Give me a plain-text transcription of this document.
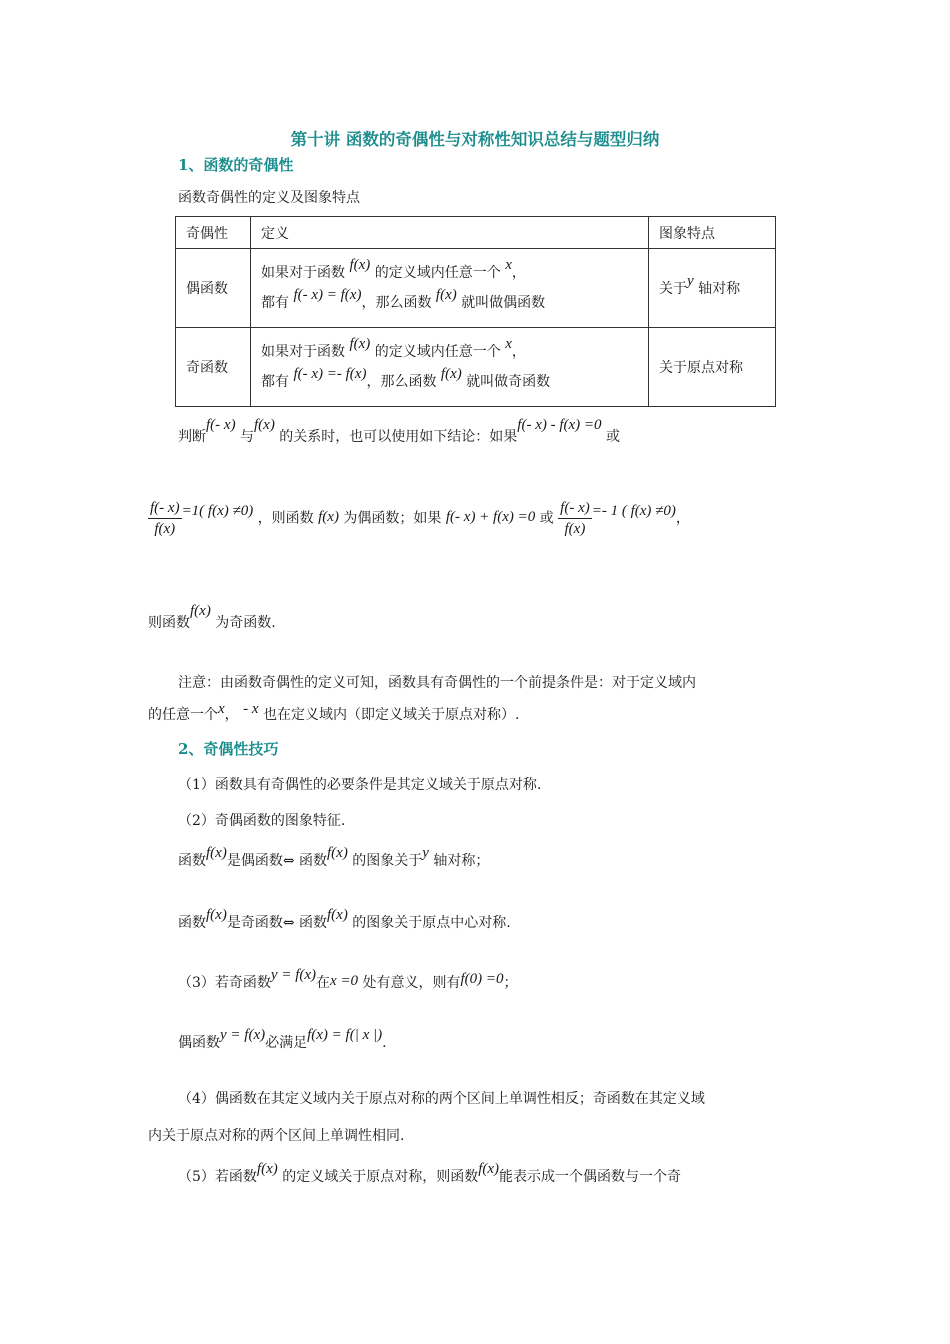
第十讲 函数的奇偶性与对称性知识总结与题型归纳
1、函数的奇偶性
函数奇偶性的定义及图象特点
奇偶性	定义	图象特点
偶函数	如果对于函数 f(x) 的定义域内任意一个 x，
都有 f(- x) = f(x)，那么函数 f(x) 就叫做偶函数	关于y 轴对称
奇函数	如果对于函数 f(x) 的定义域内任意一个 x，
都有 f(- x) =- f(x)，那么函数 f(x) 就叫做奇函数	关于原点对称
判断f(- x) 与f(x) 的关系时，也可以使用如下结论：如果f(- x) - f(x) =0 或
$\frac{f(- x)}{f(x)} =1$( f(x) ≠0) ，则函数 f(x) 为偶函数；如果 f(- x) + f(x) =0 或 $\frac{f(- x)}{f(x)} =- 1$ ( f(x) ≠0)，
则函数f(x) 为奇函数.
注意：由函数奇偶性的定义可知，函数具有奇偶性的一个前提条件是：对于定义域内
的任意一个x， - x 也在定义域内（即定义域关于原点对称）.
2、奇偶性技巧
（1）函数具有奇偶性的必要条件是其定义域关于原点对称.
（2）奇偶函数的图象特征.
函数f(x)是偶函数⇔ 函数f(x) 的图象关于y 轴对称；
函数f(x)是奇函数⇔ 函数f(x) 的图象关于原点中心对称.
（3）若奇函数y = f(x)在x =0 处有意义，则有f(0) =0；
偶函数y = f(x)必满足f(x) = f(| x |).
（4）偶函数在其定义域内关于原点对称的两个区间上单调性相反；奇函数在其定义域
内关于原点对称的两个区间上单调性相同.
（5）若函数f(x) 的定义域关于原点对称，则函数f(x)能表示成一个偶函数与一个奇
